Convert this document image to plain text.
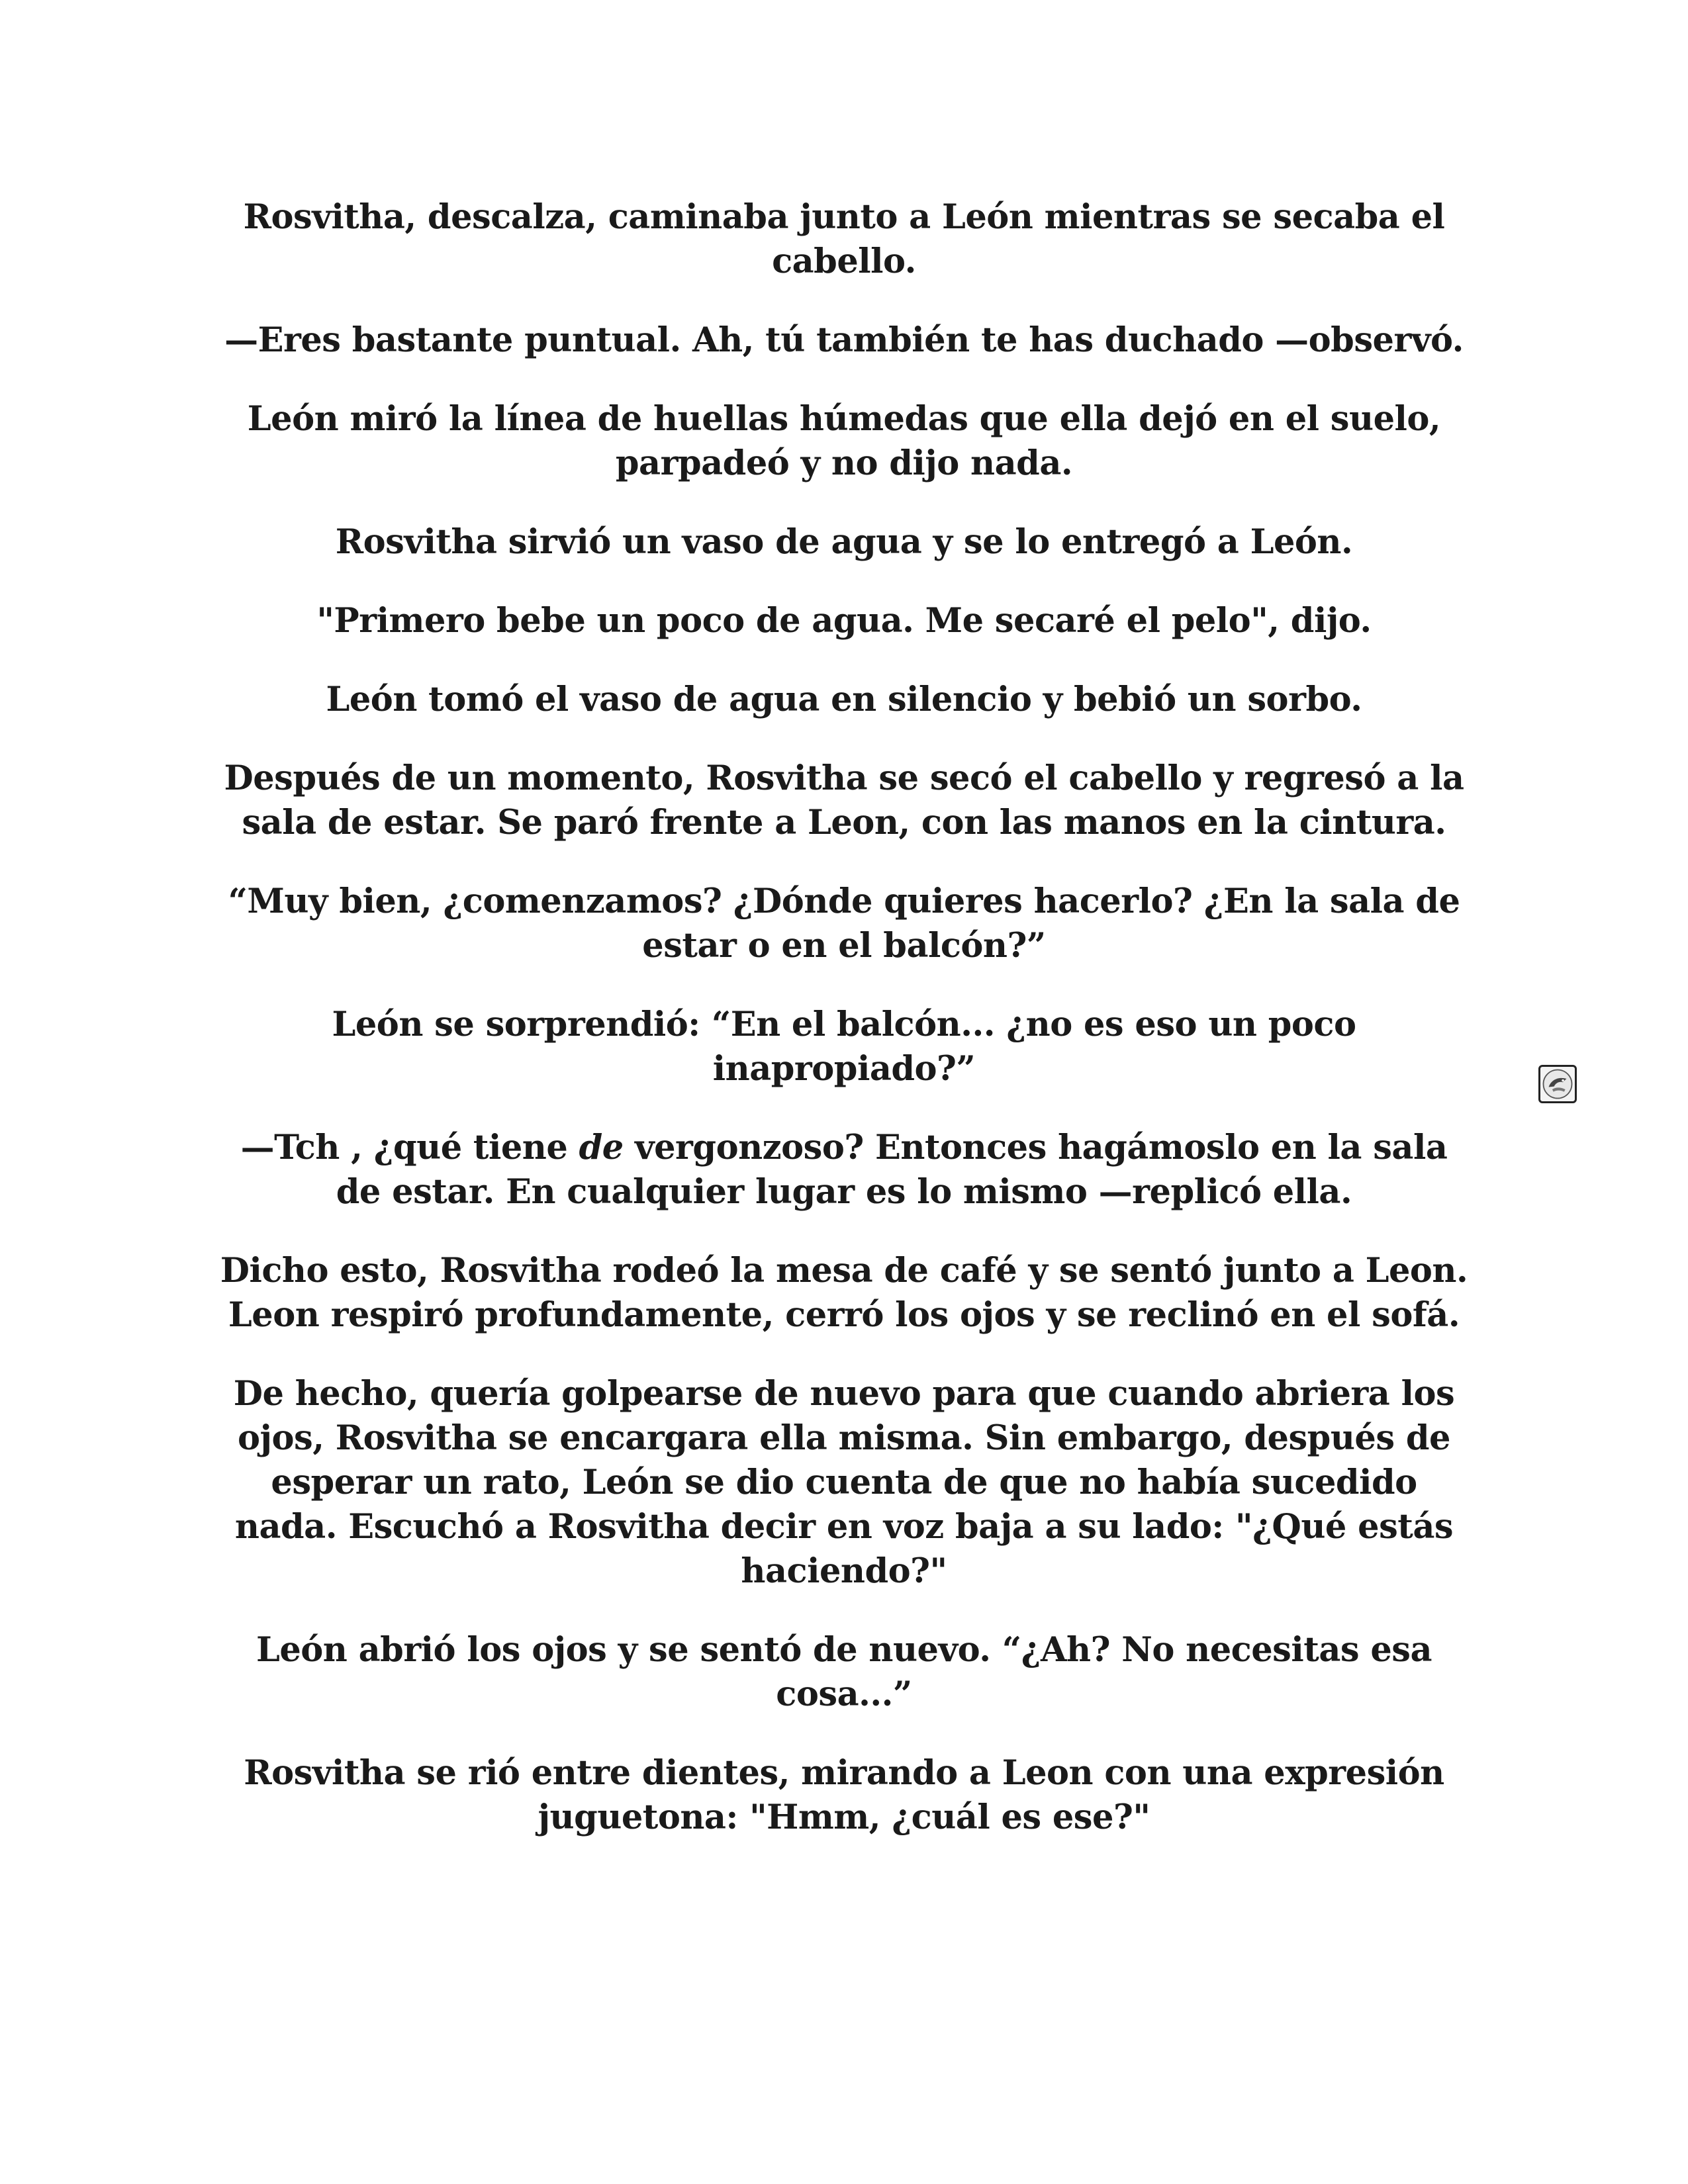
Rosvitha, descalza, caminaba junto a León mientras se secaba el cabello.

—Eres bastante puntual. Ah, tú también te has duchado —observó.

León miró la línea de huellas húmedas que ella dejó en el suelo, parpadeó y no dijo nada.

Rosvitha sirvió un vaso de agua y se lo entregó a León.

"Primero bebe un poco de agua. Me secaré el pelo", dijo.

León tomó el vaso de agua en silencio y bebió un sorbo.

Después de un momento, Rosvitha se secó el cabello y regresó a la sala de estar. Se paró frente a Leon, con las manos en la cintura.

“Muy bien, ¿comenzamos? ¿Dónde quieres hacerlo? ¿En la sala de estar o en el balcón?”

León se sorprendió: “En el balcón... ¿no es eso un poco inapropiado?”

—Tch , ¿qué tiene de vergonzoso? Entonces hagámoslo en la sala de estar. En cualquier lugar es lo mismo —replicó ella.

Dicho esto, Rosvitha rodeó la mesa de café y se sentó junto a Leon. Leon respiró profundamente, cerró los ojos y se reclinó en el sofá.

De hecho, quería golpearse de nuevo para que cuando abriera los ojos, Rosvitha se encargara ella misma. Sin embargo, después de esperar un rato, León se dio cuenta de que no había sucedido nada. Escuchó a Rosvitha decir en voz baja a su lado: "¿Qué estás haciendo?"

León abrió los ojos y se sentó de nuevo. “¿Ah? No necesitas esa cosa...”

Rosvitha se rió entre dientes, mirando a Leon con una expresión juguetona: "Hmm, ¿cuál es ese?"
